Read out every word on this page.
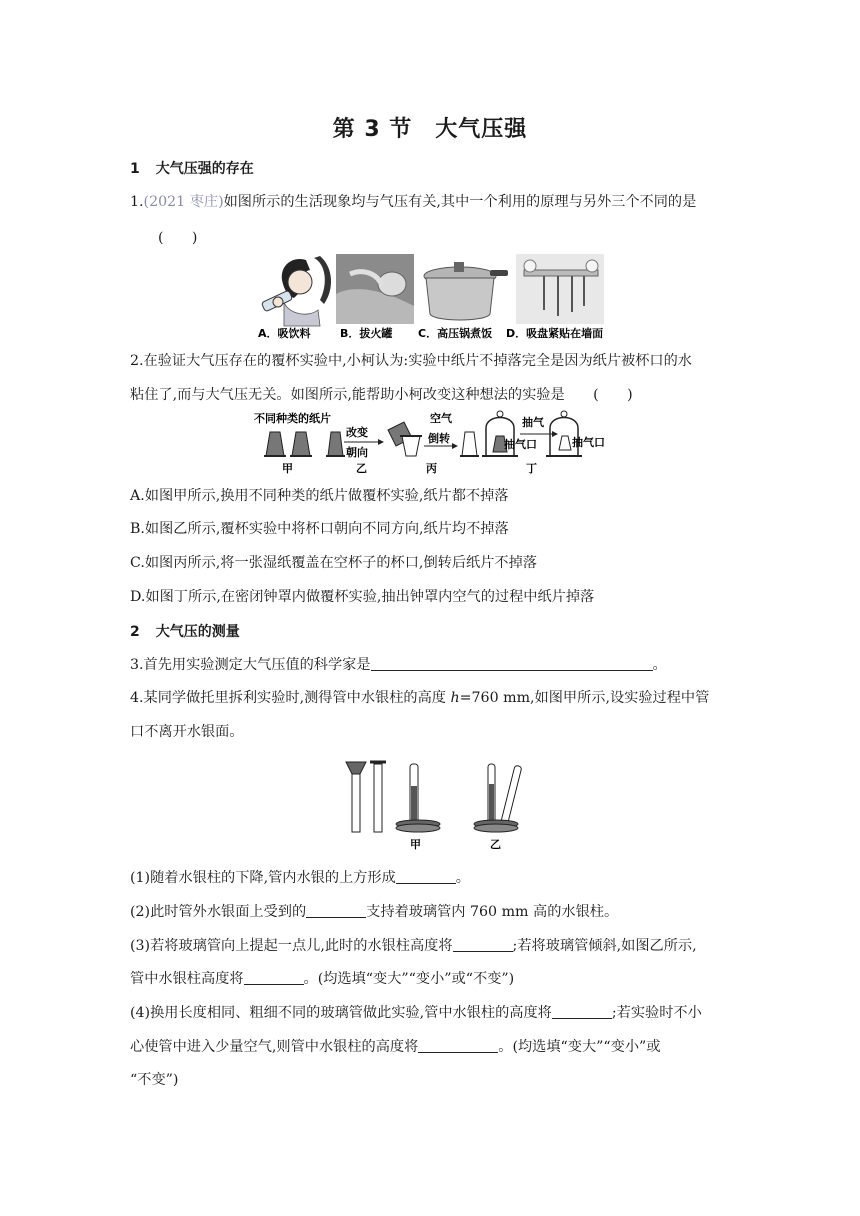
第 3 节　大气压强
1 大气压强的存在
1.(2021 枣庄)如图所示的生活现象均与气压有关,其中一个利用的原理与另外三个不同的是
(　　)
A．吸饮料	B．拔火罐 C．高压锅煮饭 D．吸盘紧贴在墙面
2.在验证大气压存在的覆杯实验中,小柯认为:实验中纸片不掉落完全是因为纸片被杯口的水
粘住了,而与大气压无关。如图所示,能帮助小柯改变这种想法的实验是 (　　)
不同种类的纸片
甲
改变
朝向
乙
空气
倒转
丙
抽气
抽气口	抽气口
丁
A.如图甲所示,换用不同种类的纸片做覆杯实验,纸片都不掉落
B.如图乙所示,覆杯实验中将杯口朝向不同方向,纸片均不掉落
C.如图丙所示,将一张湿纸覆盖在空杯子的杯口,倒转后纸片不掉落
D.如图丁所示,在密闭钟罩内做覆杯实验,抽出钟罩内空气的过程中纸片掉落
2 大气压的测量
3.首先用实验测定大气压值的科学家是	。
4.某同学做托里拆利实验时,测得管中水银柱的高度 h=760 mm,如图甲所示,设实验过程中管
口不离开水银面。
甲	乙
(1)随着水银柱的下降,管内水银的上方形成	。
(2)此时管外水银面上受到的	支持着玻璃管内 760 mm 高的水银柱。
(3)若将玻璃管向上提起一点儿,此时的水银柱高度将	;若将玻璃管倾斜,如图乙所示,
管中水银柱高度将	。(均选填“变大”“变小”或“不变”)
(4)换用长度相同、粗细不同的玻璃管做此实验,管中水银柱的高度将	;若实验时不小
心使管中进入少量空气,则管中水银柱的高度将	。(均选填“变大”“变小”或
“不变”)
